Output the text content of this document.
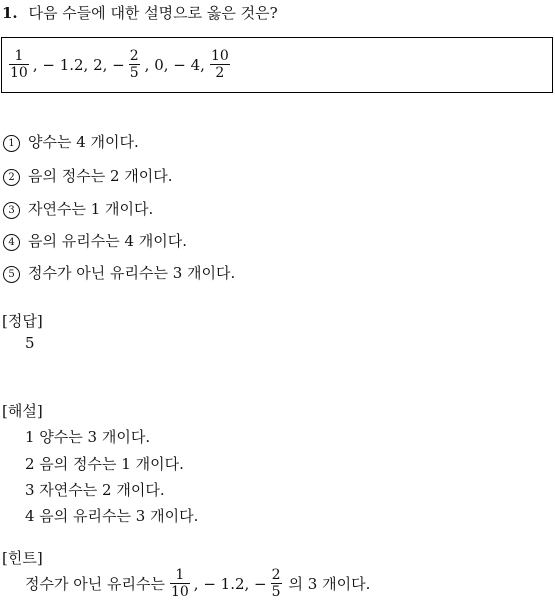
1. 다음 수들에 대한 설명으로 옳은 것은?
$\frac{1}{10}$ , − 1.2, 2, − $\frac{2}{5}$ , 0, − 4, $\frac{10}{2}$
1 양수는 4 개이다.
2 음의 정수는 2 개이다.
3 자연수는 1 개이다.
4 음의 유리수는 4 개이다.
5 정수가 아닌 유리수는 3 개이다.
[정답]
5
[해설]
1 양수는 3 개이다.
2 음의 정수는 1 개이다.
3 자연수는 2 개이다.
4 음의 유리수는 3 개이다.
[힌트]
정수가 아닌 유리수는 $\frac{1}{10}$ , − 1.2, − $\frac{2}{5}$ 의 3 개이다.
